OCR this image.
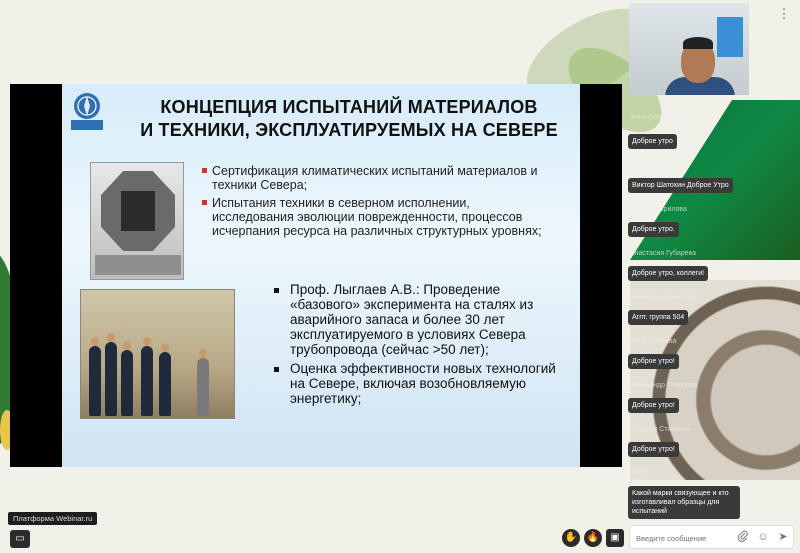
КОНЦЕПЦИЯ ИСПЫТАНИЙ МАТЕРИАЛОВ
И ТЕХНИКИ, ЭКСПЛУАТИРУЕМЫХ НА СЕВЕРЕ
Сертификация климатических испытаний материалов и техники Севера;
Испытания техники в северном исполнении, исследования эволюции поврежденности, процессов исчерпания ресурса на различных структурных уровнях;
Проф. Лыглаев А.В.: Проведение «базового» эксперимента на сталях из аварийного запаса и более 30 лет эксплуатируемого в условиях Севера трубопровода (сейчас >50 лет);
Оценка эффективности новых технологий на Севере, включая возобновляемую энергетику;
⋮
Анна Семенова
Доброе утро
Виктор Шатохин
Виктор Шатохин Доброе Утро
Ирина Гаврилова
Доброе утро.
Анастасия Губарева
Доброе утро, коллеги!
Екатерина Игнатова
Агпт. группа 504
Вера Павлова
Доброе утро!
Александр Сафонов
Доброе утро!
Наталья Стяжкина
Доброе утро!
Павел
Какой марки связующее и кто изготавливал образцы для испытаний
Введите сообщение
☺ ➤
✋ 🔥	▣
Платформа Webinar.ru
▭
